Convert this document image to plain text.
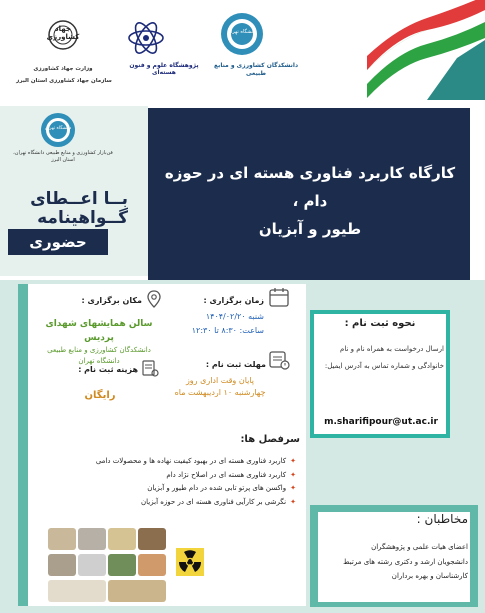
جهاد کشاورزی
وزارت جهاد کشاورزی
سازمان جهاد کشاورزی استان البرز
پژوهشگاه علوم و فنون هسته‌ای
دانشگاه تهران
دانشکدگان کشاورزی و منابع طبیعی
دانشگاه تهران
فن‌بازار کشاورزی و منابع طبیعی دانشگاه تهران، استان البرز
بــا اعــطای
گــواهینامه
حضوری
کارگاه کاربرد فناوری هسته ای در حوزه دام ،
طیور و آبزیان
مکان برگزاری :
سالن همایشهای شهدای پردیس
دانشکدگان کشاورزی و منابع طبیعی
دانشگاه تهران
هزینه ثبت نام :
رایگان
زمان برگزاری :
شنبه ۱۴۰۴/۰۲/۲۰
ساعت: ۸:۳۰ تا ۱۲:۳۰
مهلت ثبت نام :
پایان وقت اداری روز
چهارشنبه ۱۰ اردیبهشت ماه
نحوه ثبت نام :
ارسال درخواست به همراه نام و نام
خانوادگی و شماره تماس به آدرس ایمیل:
m.sharifipour@ut.ac.ir
سرفصل ها:
✦ کاربرد فناوری هسته ای در بهبود کیفیت نهاده ها و محصولات دامی
✦ کاربرد فناوری هسته ای در اصلاح نژاد دام
✦ واکسن های پرتو تابی شده در دام طیور و آبزیان
✦ نگرشی بر کارآیی فناوری هسته ای در حوزه آبزیان
مخاطبان :
اعضای هیات علمی و پژوهشگران
دانشجویان ارشد و دکتری رشته های مرتبط
کارشناسان و بهره برداران
